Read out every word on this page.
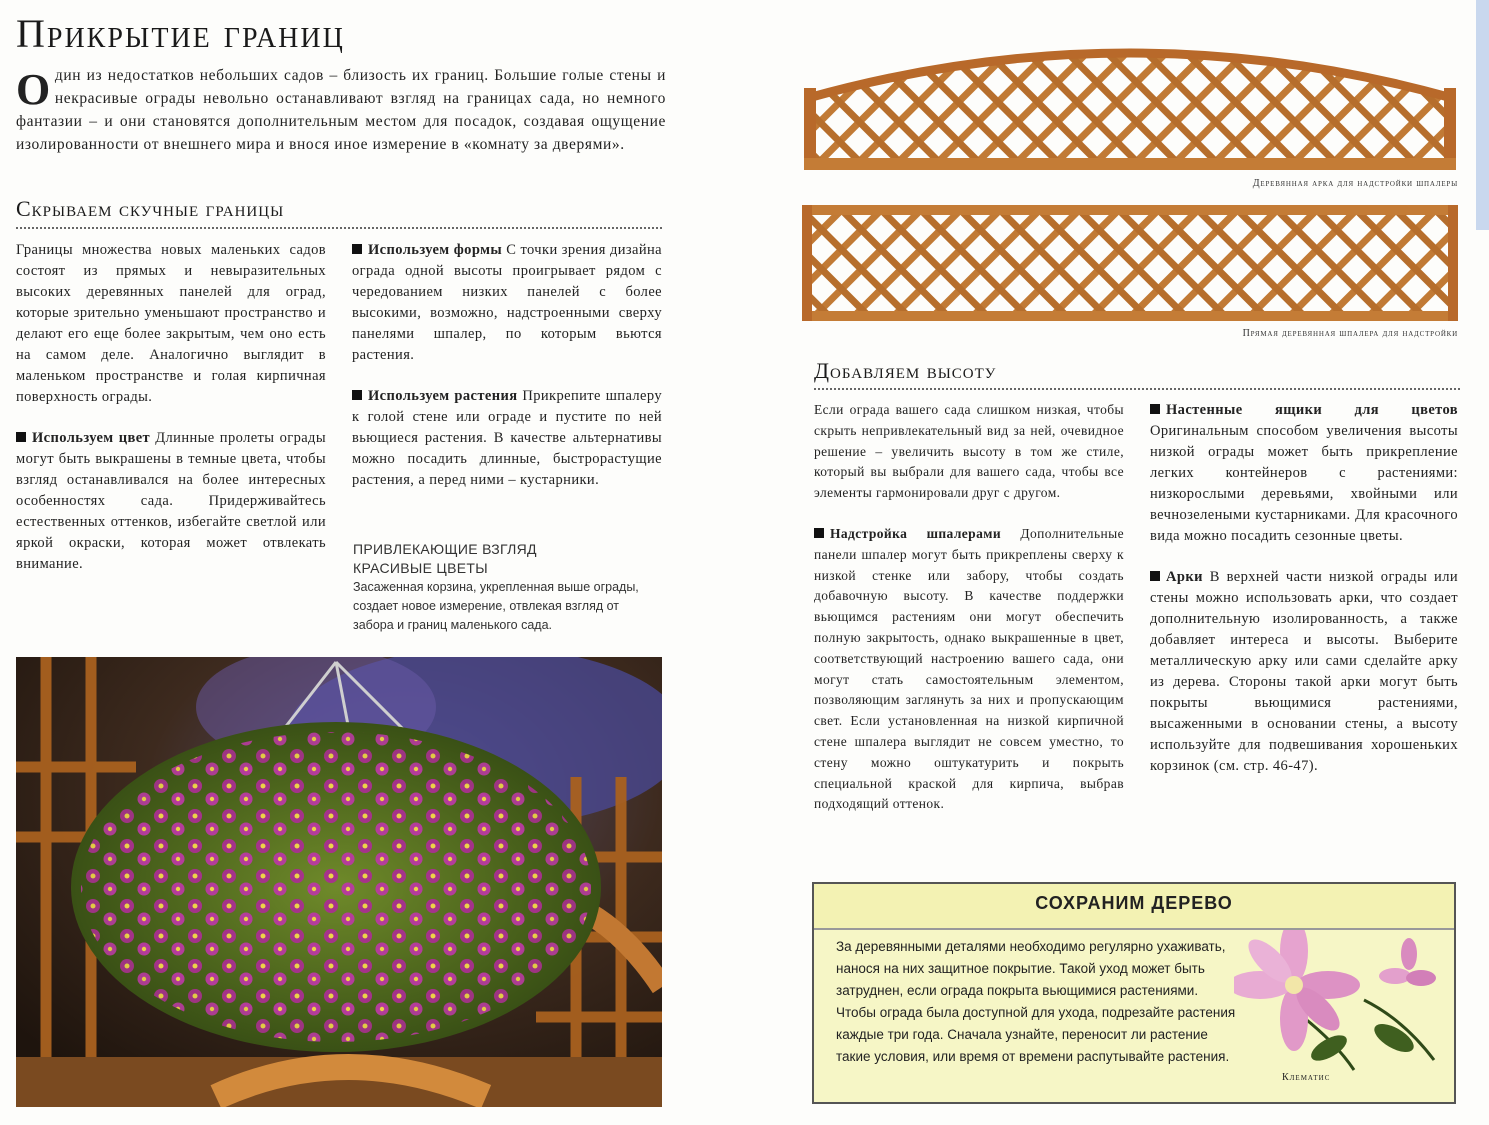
Прикрытие границ
Один из недостатков небольших садов – близость их границ. Большие голые стены и некрасивые ограды невольно останавливают взгляд на границах сада, но немного фантазии – и они становятся дополнительным местом для посадок, создавая ощущение изолированности от внешнего мира и внося иное измерение в «комнату за дверями».
Скрываем скучные границы

Границы множества новых маленьких садов состоят из прямых и невыразительных высоких деревянных панелей для оград, которые зрительно уменьшают пространство и делают его еще более закрытым, чем оно есть на самом деле. Аналогично выглядит в маленьком пространстве и голая кирпичная поверхность ограды.

Используем цвет Длинные пролеты ограды могут быть выкрашены в темные цвета, чтобы взгляд останавливался на более интересных особенностях сада. Придерживайтесь естественных оттенков, избегайте светлой или яркой окраски, которая может отвлекать внимание.

Используем формы С точки зрения дизайна ограда одной высоты проигрывает рядом с чередованием низких панелей с более высокими, возможно, надстроенными сверху панелями шпалер, по которым вьются растения.

Используем растения Прикрепите шпалеру к голой стене или ограде и пустите по ней вьющиеся растения. В качестве альтернативы можно посадить длинные, быстрорастущие растения, а перед ними – кустарники.

ПРИВЛЕКАЮЩИЕ ВЗГЛЯД
КРАСИВЫЕ ЦВЕТЫ
Засаженная корзина, укрепленная выше ограды, создает новое измерение, отвлекая взгляд от забора и границ маленького сада.
Деревянная арка для надстройки шпалеры
Прямая деревянная шпалера для надстройки
Добавляем высоту

Если ограда вашего сада слишком низкая, чтобы скрыть непривлекательный вид за ней, очевидное решение – увеличить высоту в том же стиле, который вы выбрали для вашего сада, чтобы все элементы гармонировали друг с другом.

Надстройка шпалерами Дополнительные панели шпалер могут быть прикреплены сверху к низкой стенке или забору, чтобы создать добавочную высоту. В качестве поддержки вьющимся растениям они могут обеспечить полную закрытость, однако выкрашенные в цвет, соответствующий настроению вашего сада, они могут стать самостоятельным элементом, позволяющим заглянуть за них и пропускающим свет. Если установленная на низкой кирпичной стене шпалера выглядит не совсем уместно, то стену можно оштукатурить и покрыть специальной краской для кирпича, выбрав подходящий оттенок.

Настенные ящики для цветов Оригинальным способом увеличения высоты низкой ограды может быть прикрепление легких контейнеров с растениями: низкорослыми деревьями, хвойными или вечнозелеными кустарниками. Для красочного вида можно посадить сезонные цветы.

Арки В верхней части низкой ограды или стены можно использовать арки, что создает дополнительную изолированность, а также добавляет интереса и высоты. Выберите металлическую арку или сами сделайте арку из дерева. Стороны такой арки могут быть покрыты вьющимися растениями, высаженными в основании стены, а высоту используйте для подвешивания хорошеньких корзинок (см. стр. 46-47).

СОХРАНИМ ДЕРЕВО
За деревянными деталями необходимо регулярно ухаживать, нанося на них защитное покрытие. Такой уход может быть затруднен, если ограда покрыта вьющимися растениями. Чтобы ограда была доступной для ухода, подрезайте растения каждые три года. Сначала узнайте, переносит ли растение такие условия, или время от времени распутывайте растения.
Клематис
